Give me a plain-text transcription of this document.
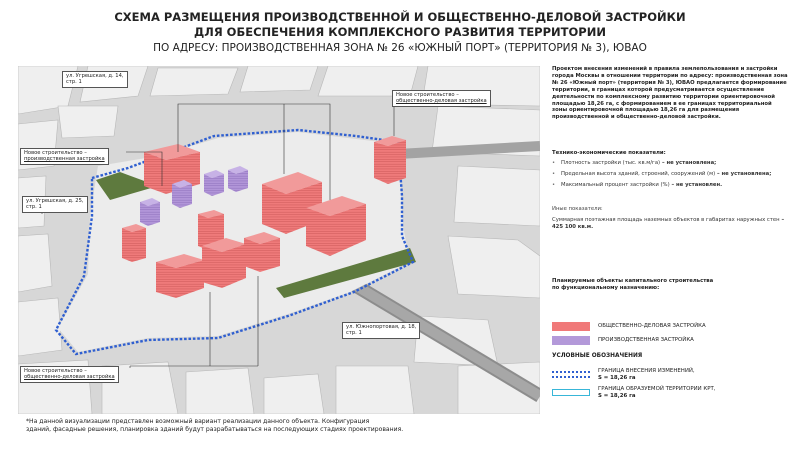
СХЕМА РАЗМЕЩЕНИЯ ПРОИЗВОДСТВЕННОЙ И ОБЩЕСТВЕННО-ДЕЛОВОЙ ЗАСТРОЙКИ
ДЛЯ ОБЕСПЕЧЕНИЯ КОМПЛЕКСНОГО РАЗВИТИЯ ТЕРРИТОРИИ
ПО АДРЕСУ: ПРОИЗВОДСТВЕННАЯ ЗОНА № 26 «ЮЖНЫЙ ПОРТ» (ТЕРРИТОРИЯ № 3), ЮВАО
ул. Угрешская, д. 14,
стр. 1
Новое строительство –
общественно-деловая застройка
Новое строительство –
производственная застройка
ул. Угрешская, д. 25,
стр. 1
ул. Южнопортовая, д. 18,
стр. 1
Новое строительство –
общественно-деловая застройка

Проектом внесения изменений в правила землепользования и застройки города Москвы в отношении территории по адресу: производственная зона № 26 «Южный порт» (территория № 3), ЮВАО предлагается формирование территории, в границах которой предусматривается осуществление деятельности по комплексному развитию территории ориентировочной площадью 18,26 га, с формированием в ее границах территориальной зоны ориентировочной площадью 18,26 га для размещения производственной и общественно-деловой застройки.

Технико-экономические показатели:

•	Плотность застройки (тыс. кв.м/га) – не установлена;
•	Предельная высота зданий, строений, сооружений (м) – не установлена;
•	Максимальный процент застройки (%) – не установлен.

Иные показатели:

Суммарная поэтажная площадь наземных объектов в габаритах наружных стен – 425 100 кв.м.

Планируемые объекты капитального строительства

по функциональному назначению:

ОБЩЕСТВЕННО-ДЕЛОВАЯ ЗАСТРОЙКА
ПРОИЗВОДСТВЕННАЯ ЗАСТРОЙКА

УСЛОВНЫЕ ОБОЗНАЧЕНИЯ

ГРАНИЦА ВНЕСЕНИЯ ИЗМЕНЕНИЙ,
S = 18,26 га
ГРАНИЦА ОБРАЗУЕМОЙ ТЕРРИТОРИИ КРТ,
S = 18,26 га
*На данной визуализации представлен возможный вариант реализации данного объекта. Конфигурация
зданий, фасадные решения, планировка зданий будут разрабатываться на последующих стадиях проектирования.
